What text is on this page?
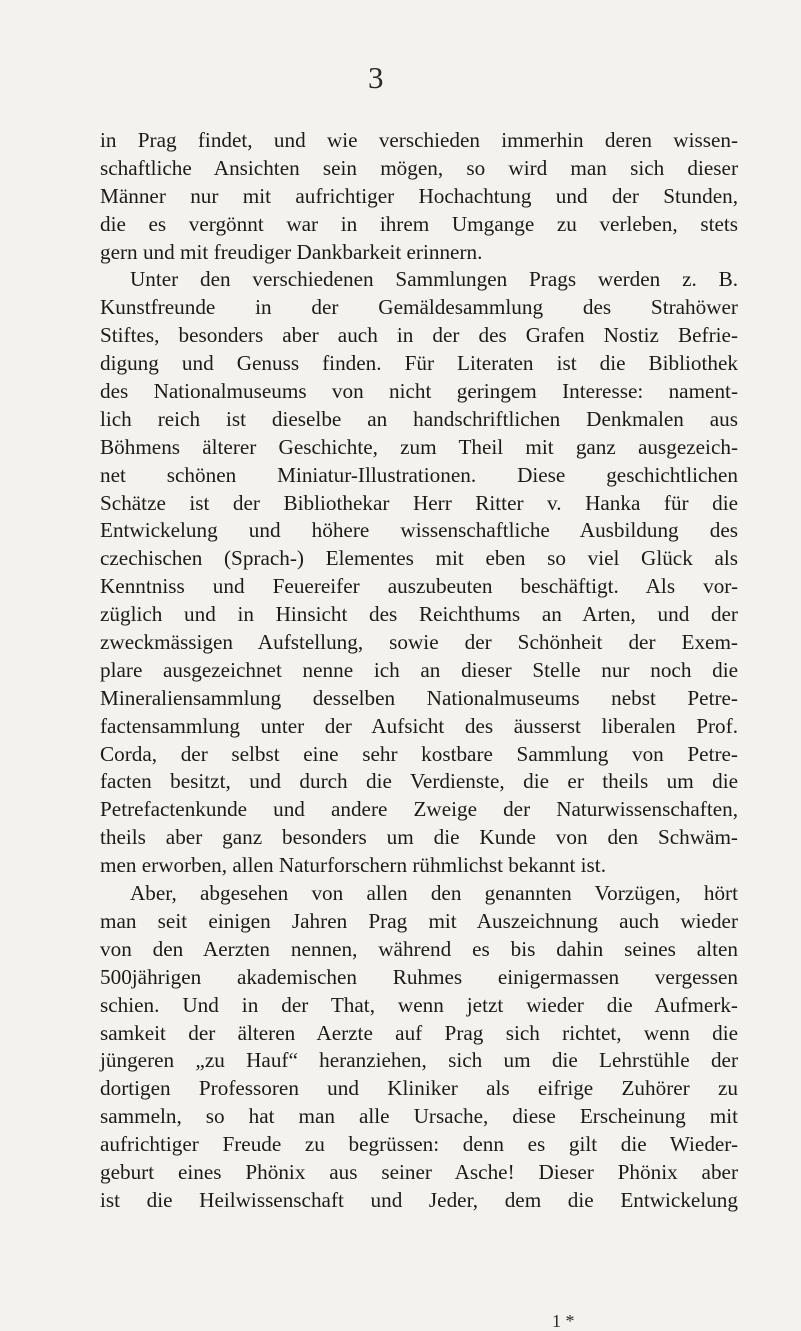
3
in Prag findet, und wie verschieden immerhin deren wissen-
schaftliche Ansichten sein mögen, so wird man sich dieser
Männer nur mit aufrichtiger Hochachtung und der Stunden,
die es vergönnt war in ihrem Umgange zu verleben, stets
gern und mit freudiger Dankbarkeit erinnern.
Unter den verschiedenen Sammlungen Prags werden z. B.
Kunstfreunde in der Gemäldesammlung des Strahöwer
Stiftes, besonders aber auch in der des Grafen Nostiz Befrie-
digung und Genuss finden. Für Literaten ist die Bibliothek
des Nationalmuseums von nicht geringem Interesse: nament-
lich reich ist dieselbe an handschriftlichen Denkmalen aus
Böhmens älterer Geschichte, zum Theil mit ganz ausgezeich-
net schönen Miniatur-Illustrationen. Diese geschichtlichen
Schätze ist der Bibliothekar Herr Ritter v. Hanka für die
Entwickelung und höhere wissenschaftliche Ausbildung des
czechischen (Sprach-) Elementes mit eben so viel Glück als
Kenntniss und Feuereifer auszubeuten beschäftigt. Als vor-
züglich und in Hinsicht des Reichthums an Arten, und der
zweckmässigen Aufstellung, sowie der Schönheit der Exem-
plare ausgezeichnet nenne ich an dieser Stelle nur noch die
Mineraliensammlung desselben Nationalmuseums nebst Petre-
factensammlung unter der Aufsicht des äusserst liberalen Prof.
Corda, der selbst eine sehr kostbare Sammlung von Petre-
facten besitzt, und durch die Verdienste, die er theils um die
Petrefactenkunde und andere Zweige der Naturwissenschaften,
theils aber ganz besonders um die Kunde von den Schwäm-
men erworben, allen Naturforschern rühmlichst bekannt ist.
Aber, abgesehen von allen den genannten Vorzügen, hört
man seit einigen Jahren Prag mit Auszeichnung auch wieder
von den Aerzten nennen, während es bis dahin seines alten
500jährigen akademischen Ruhmes einigermassen vergessen
schien. Und in der That, wenn jetzt wieder die Aufmerk-
samkeit der älteren Aerzte auf Prag sich richtet, wenn die
jüngeren „zu Hauf“ heranziehen, sich um die Lehrstühle der
dortigen Professoren und Kliniker als eifrige Zuhörer zu
sammeln, so hat man alle Ursache, diese Erscheinung mit
aufrichtiger Freude zu begrüssen: denn es gilt die Wieder-
geburt eines Phönix aus seiner Asche! Dieser Phönix aber
ist die Heilwissenschaft und Jeder, dem die Entwickelung
1 *
